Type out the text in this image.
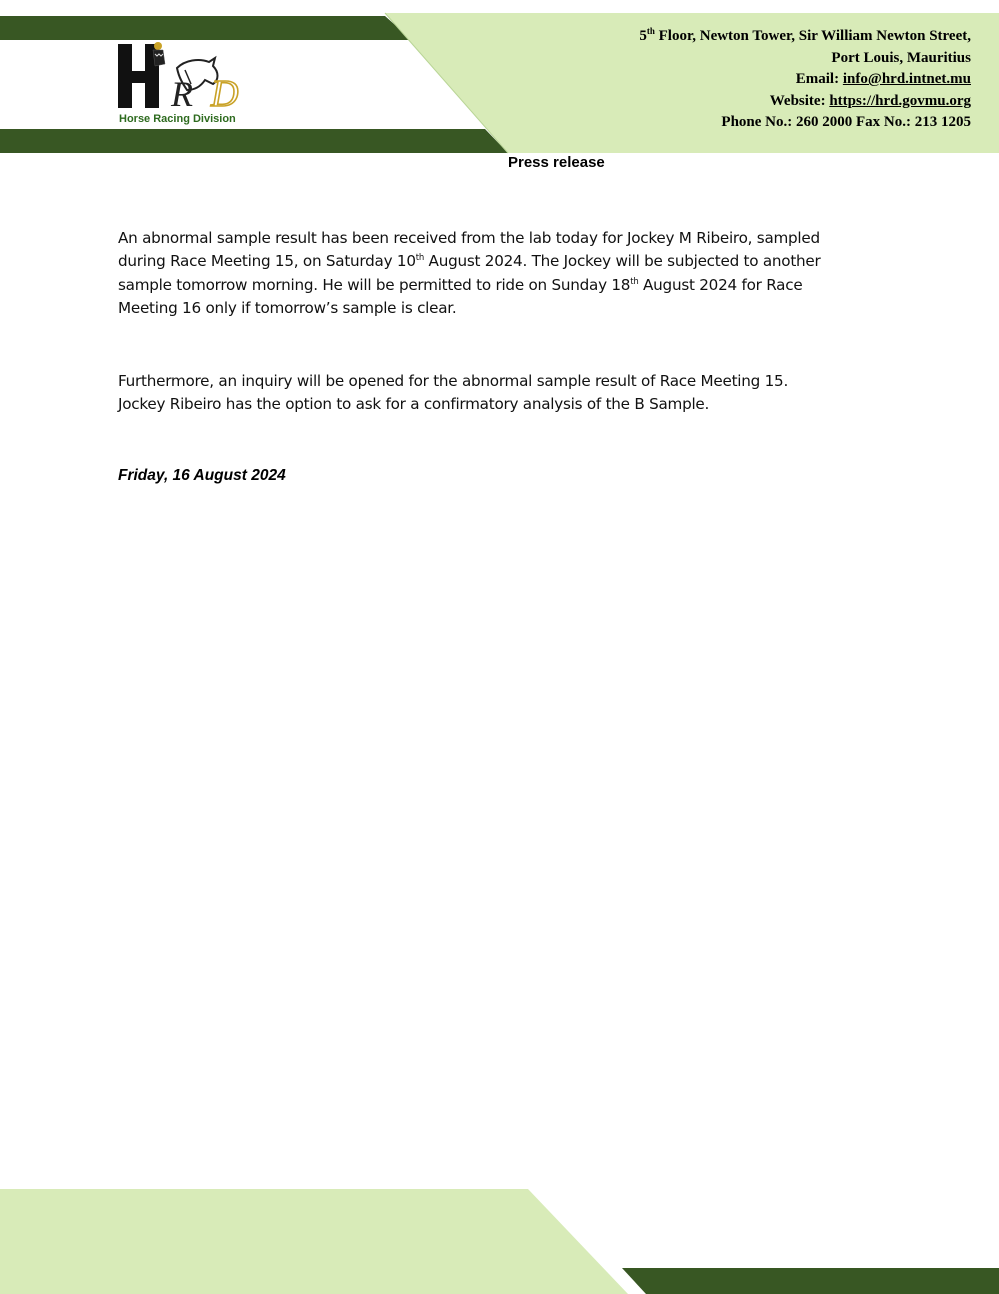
R D
Horse Racing Division
5th Floor, Newton Tower, Sir William Newton Street,
Port Louis, Mauritius
Email: info@hrd.intnet.mu
Website: https://hrd.govmu.org
Phone No.: 260 2000 Fax No.: 213 1205
Press release
An abnormal sample result has been received from the lab today for Jockey M Ribeiro, sampled
during Race Meeting 15, on Saturday 10th August 2024. The Jockey will be subjected to another
sample tomorrow morning. He will be permitted to ride on Sunday 18th August 2024 for Race
Meeting 16 only if tomorrow’s sample is clear.
Furthermore, an inquiry will be opened for the abnormal sample result of Race Meeting 15.
Jockey Ribeiro has the option to ask for a confirmatory analysis of the B Sample.
Friday, 16 August 2024
